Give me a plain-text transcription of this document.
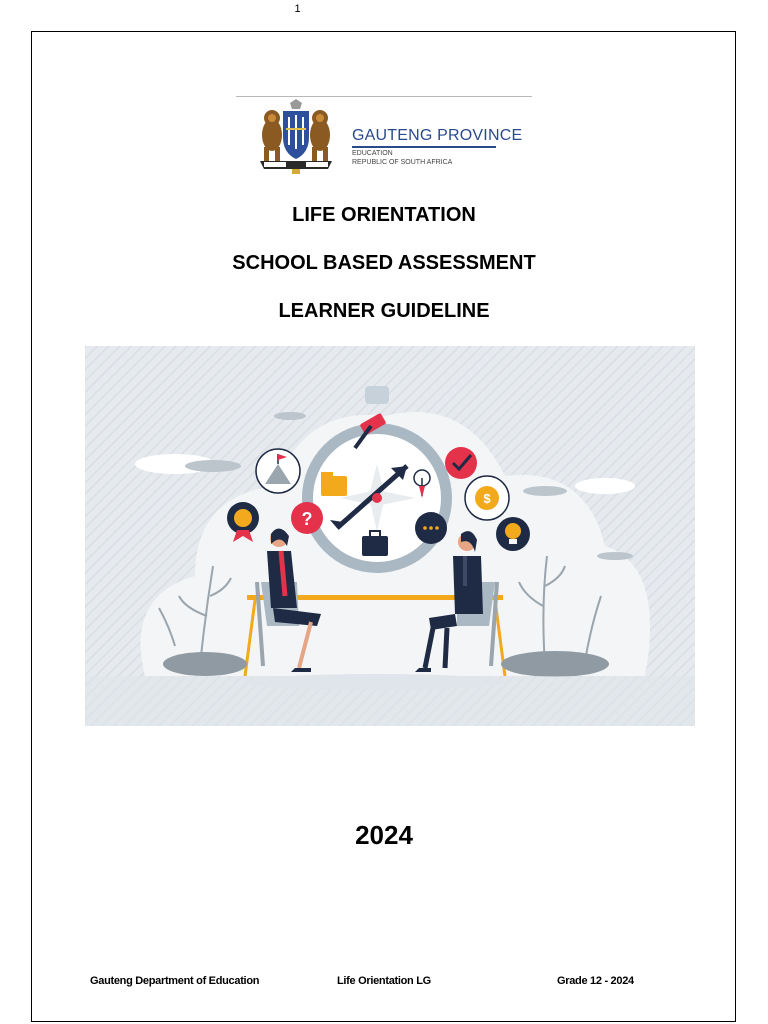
1
GAUTENG PROVINCE
EDUCATION
REPUBLIC OF SOUTH AFRICA
LIFE ORIENTATION
SCHOOL BASED ASSESSMENT
LEARNER GUIDELINE
?
$
2024
Gauteng Department of Education	Life Orientation LG	Grade 12 - 2024
